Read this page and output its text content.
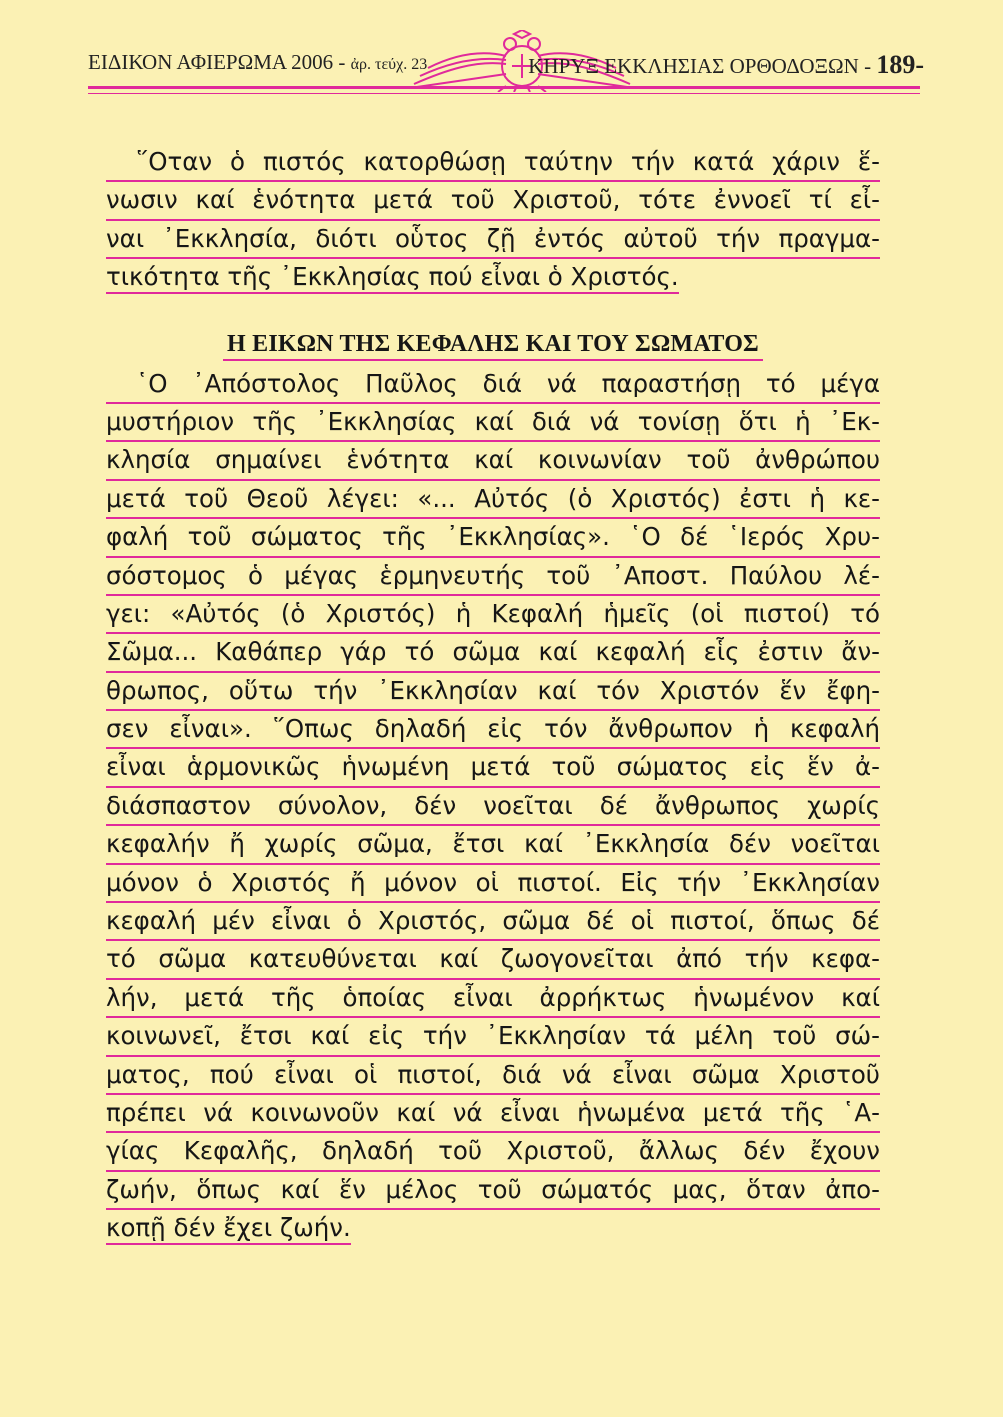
ΕΙΔΙΚΟΝ ΑΦΙΕΡΩΜΑ 2006 - ἀρ. τεύχ. 23	ΚΗΡΥΞ ΕΚΚΛΗΣΙΑΣ ΟΡΘΟΔΟΞΩΝ - 189-
῞Οταν ὁ πιστός κατορθώσῃ ταύτην τήν κατά χάριν ἕ-
νωσιν καί ἑνότητα μετά τοῦ Χριστοῦ, τότε ἐννοεῖ τί εἶ-
ναι ᾿Εκκλησία, διότι οὗτος ζῇ ἐντός αὐτοῦ τήν πραγμα-
τικότητα τῆς ᾿Εκκλησίας πού εἶναι ὁ Χριστός.
Η ΕΙΚΩΝ ΤΗΣ ΚΕΦΑΛΗΣ ΚΑΙ ΤΟΥ ΣΩΜΑΤΟΣ
῾Ο ᾿Απόστολος Παῦλος διά νά παραστήσῃ τό μέγα
μυστήριον τῆς ᾿Εκκλησίας καί διά νά τονίσῃ ὅτι ἡ ᾿Εκ-
κλησία σημαίνει ἑνότητα καί κοινωνίαν τοῦ ἀνθρώπου
μετά τοῦ Θεοῦ λέγει: «... Αὐτός (ὁ Χριστός) ἐστι ἡ κε-
φαλή τοῦ σώματος τῆς ᾿Εκκλησίας». ῾Ο δέ ῾Ιερός Χρυ-
σόστομος ὁ μέγας ἑρμηνευτής τοῦ ᾿Αποστ. Παύλου λέ-
γει: «Αὐτός (ὁ Χριστός) ἡ Κεφαλή ἡμεῖς (οἱ πιστοί) τό
Σῶμα... Καθάπερ γάρ τό σῶμα καί κεφαλή εἷς ἐστιν ἄν-
θρωπος, οὕτω τήν ᾿Εκκλησίαν καί τόν Χριστόν ἕν ἔφη-
σεν εἶναι». ῞Οπως δηλαδή εἰς τόν ἄνθρωπον ἡ κεφαλή
εἶναι ἁρμονικῶς ἡνωμένη μετά τοῦ σώματος εἰς ἕν ἀ-
διάσπαστον σύνολον, δέν νοεῖται δέ ἄνθρωπος χωρίς
κεφαλήν ἤ χωρίς σῶμα, ἔτσι καί ᾿Εκκλησία δέν νοεῖται
μόνον ὁ Χριστός ἤ μόνον οἱ πιστοί. Εἰς τήν ᾿Εκκλησίαν
κεφαλή μέν εἶναι ὁ Χριστός, σῶμα δέ οἱ πιστοί, ὅπως δέ
τό σῶμα κατευθύνεται καί ζωογονεῖται ἀπό τήν κεφα-
λήν, μετά τῆς ὁποίας εἶναι ἀρρήκτως ἡνωμένον καί
κοινωνεῖ, ἔτσι καί εἰς τήν ᾿Εκκλησίαν τά μέλη τοῦ σώ-
ματος, πού εἶναι οἱ πιστοί, διά νά εἶναι σῶμα Χριστοῦ
πρέπει νά κοινωνοῦν καί νά εἶναι ἡνωμένα μετά τῆς ῾Α-
γίας Κεφαλῆς, δηλαδή τοῦ Χριστοῦ, ἄλλως δέν ἔχουν
ζωήν, ὅπως καί ἕν μέλος τοῦ σώματός μας, ὅταν ἀπο-
κοπῇ δέν ἔχει ζωήν.
